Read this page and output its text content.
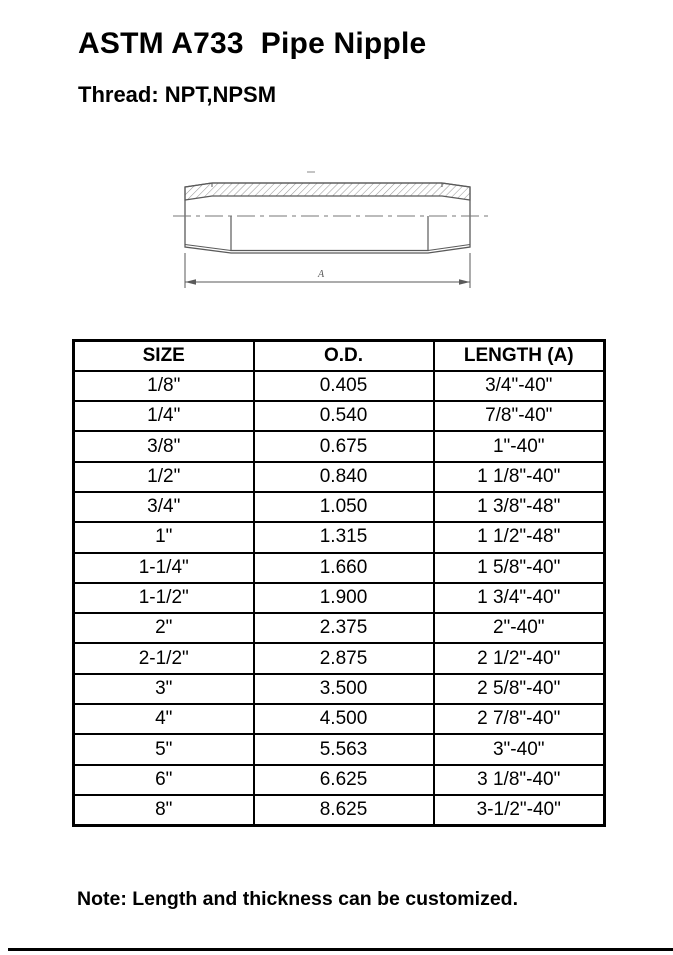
ASTM A733  Pipe Nipple
Thread: NPT,NPSM
A
SIZE	O.D.	LENGTH (A)
1/8"	0.405	3/4"-40"
1/4"	0.540	7/8"-40"
3/8"	0.675	1"-40"
1/2"	0.840	1 1/8"-40"
3/4"	1.050	1 3/8"-48"
1"	1.315	1 1/2"-48"
1-1/4"	1.660	1 5/8"-40"
1-1/2"	1.900	1 3/4"-40"
2"	2.375	2"-40"
2-1/2"	2.875	2 1/2"-40"
3"	3.500	2 5/8"-40"
4"	4.500	2 7/8"-40"
5"	5.563	3"-40"
6"	6.625	3 1/8"-40"
8"	8.625	3-1/2"-40"

Note: Length and thickness can be customized.
